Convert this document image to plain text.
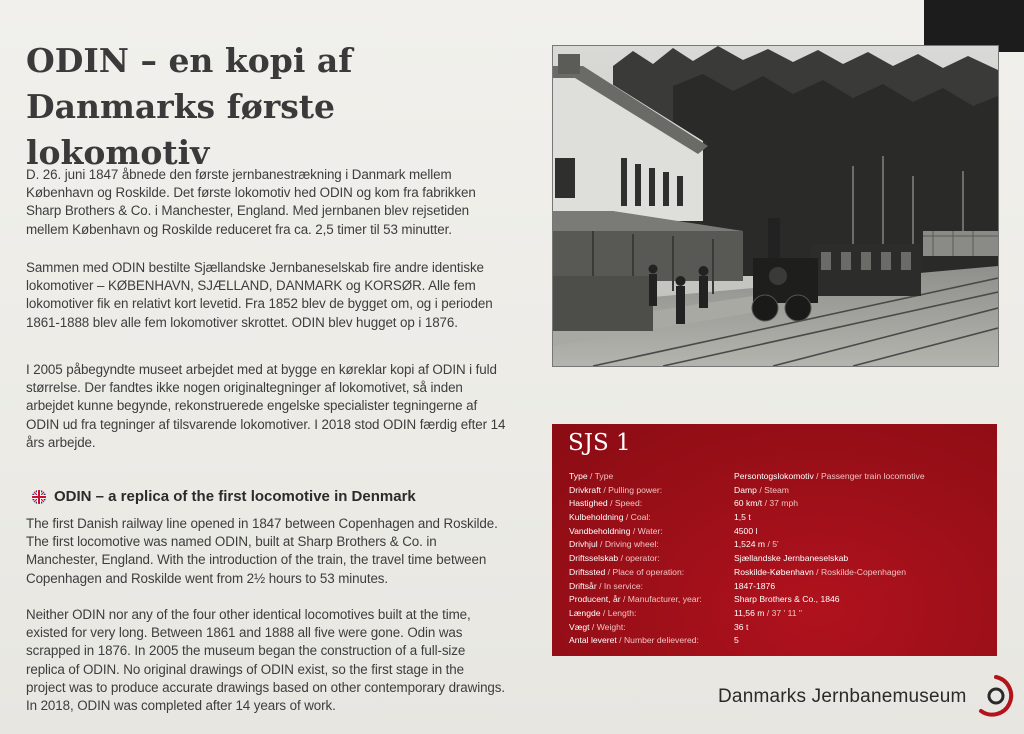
ODIN – en kopi af
Danmarks første lokomotiv

D. 26. juni 1847 åbnede den første jernbanestrækning i Danmark mellem København og Roskilde. Det første lokomotiv hed ODIN og kom fra fabrikken Sharp Brothers & Co. i Manchester, England. Med jernbanen blev rejsetiden mellem København og Roskilde reduceret fra ca. 2,5 timer til 53 minutter.

Sammen med ODIN bestilte Sjællandske Jernbaneselskab fire andre identiske lokomotiver – KØBENHAVN, SJÆLLAND, DANMARK og KORSØR. Alle fem lokomotiver fik en relativt kort levetid. Fra 1852 blev de bygget om, og i perioden 1861-1888 blev alle fem lokomotiver skrottet. ODIN blev hugget op i 1876.

I 2005 påbegyndte museet arbejdet med at bygge en køreklar kopi af ODIN i fuld størrelse. Der fandtes ikke nogen originaltegninger af lokomotivet, så inden arbejdet kunne begynde, rekonstruerede engelske specialister tegningerne af ODIN ud fra tegninger af tilsvarende lokomotiver. I 2018 stod ODIN færdig efter 14 års arbejde.

ODIN – a replica of the first locomotive in Denmark

The first Danish railway line opened in 1847 between Copenhagen and Roskilde. The first locomotive was named ODIN, built at Sharp Brothers & Co. in Manchester, England. With the introduction of the train, the travel time between Copenhagen and Roskilde went from 2½ hours to 53 minutes.

Neither ODIN nor any of the four other identical locomotives built at the time, existed for very long. Between 1861 and 1888 all five were gone. Odin was scrapped in 1876. In 2005 the museum began the construction of a full-size replica of ODIN. No original drawings of ODIN exist, so the first stage in the project was to produce accurate drawings based on other contemporary drawings. In 2018, ODIN was completed after 14 years of work.

SJS 1
Type / Type	Persontogslokomotiv / Passenger train locomotive
Drivkraft / Pulling power:	Damp / Steam
Hastighed / Speed:	60 km/t / 37 mph
Kulbeholdning / Coal:	1,5 t
Vandbeholdning / Water:	4500 l
Drivhjul / Driving wheel:	1,524 m / 5'
Driftsselskab / operator:	Sjællandske Jernbaneselskab
Driftssted / Place of operation:	Roskilde-København / Roskilde-Copenhagen
Driftsår / In service:	1847-1876
Producent, år / Manufacturer, year:	Sharp Brothers & Co., 1846
Længde / Length:	11,56 m / 37 ' 11 "
Vægt / Weight:	36 t
Antal leveret / Number delievered:	5
Danmarks Jernbanemuseum
